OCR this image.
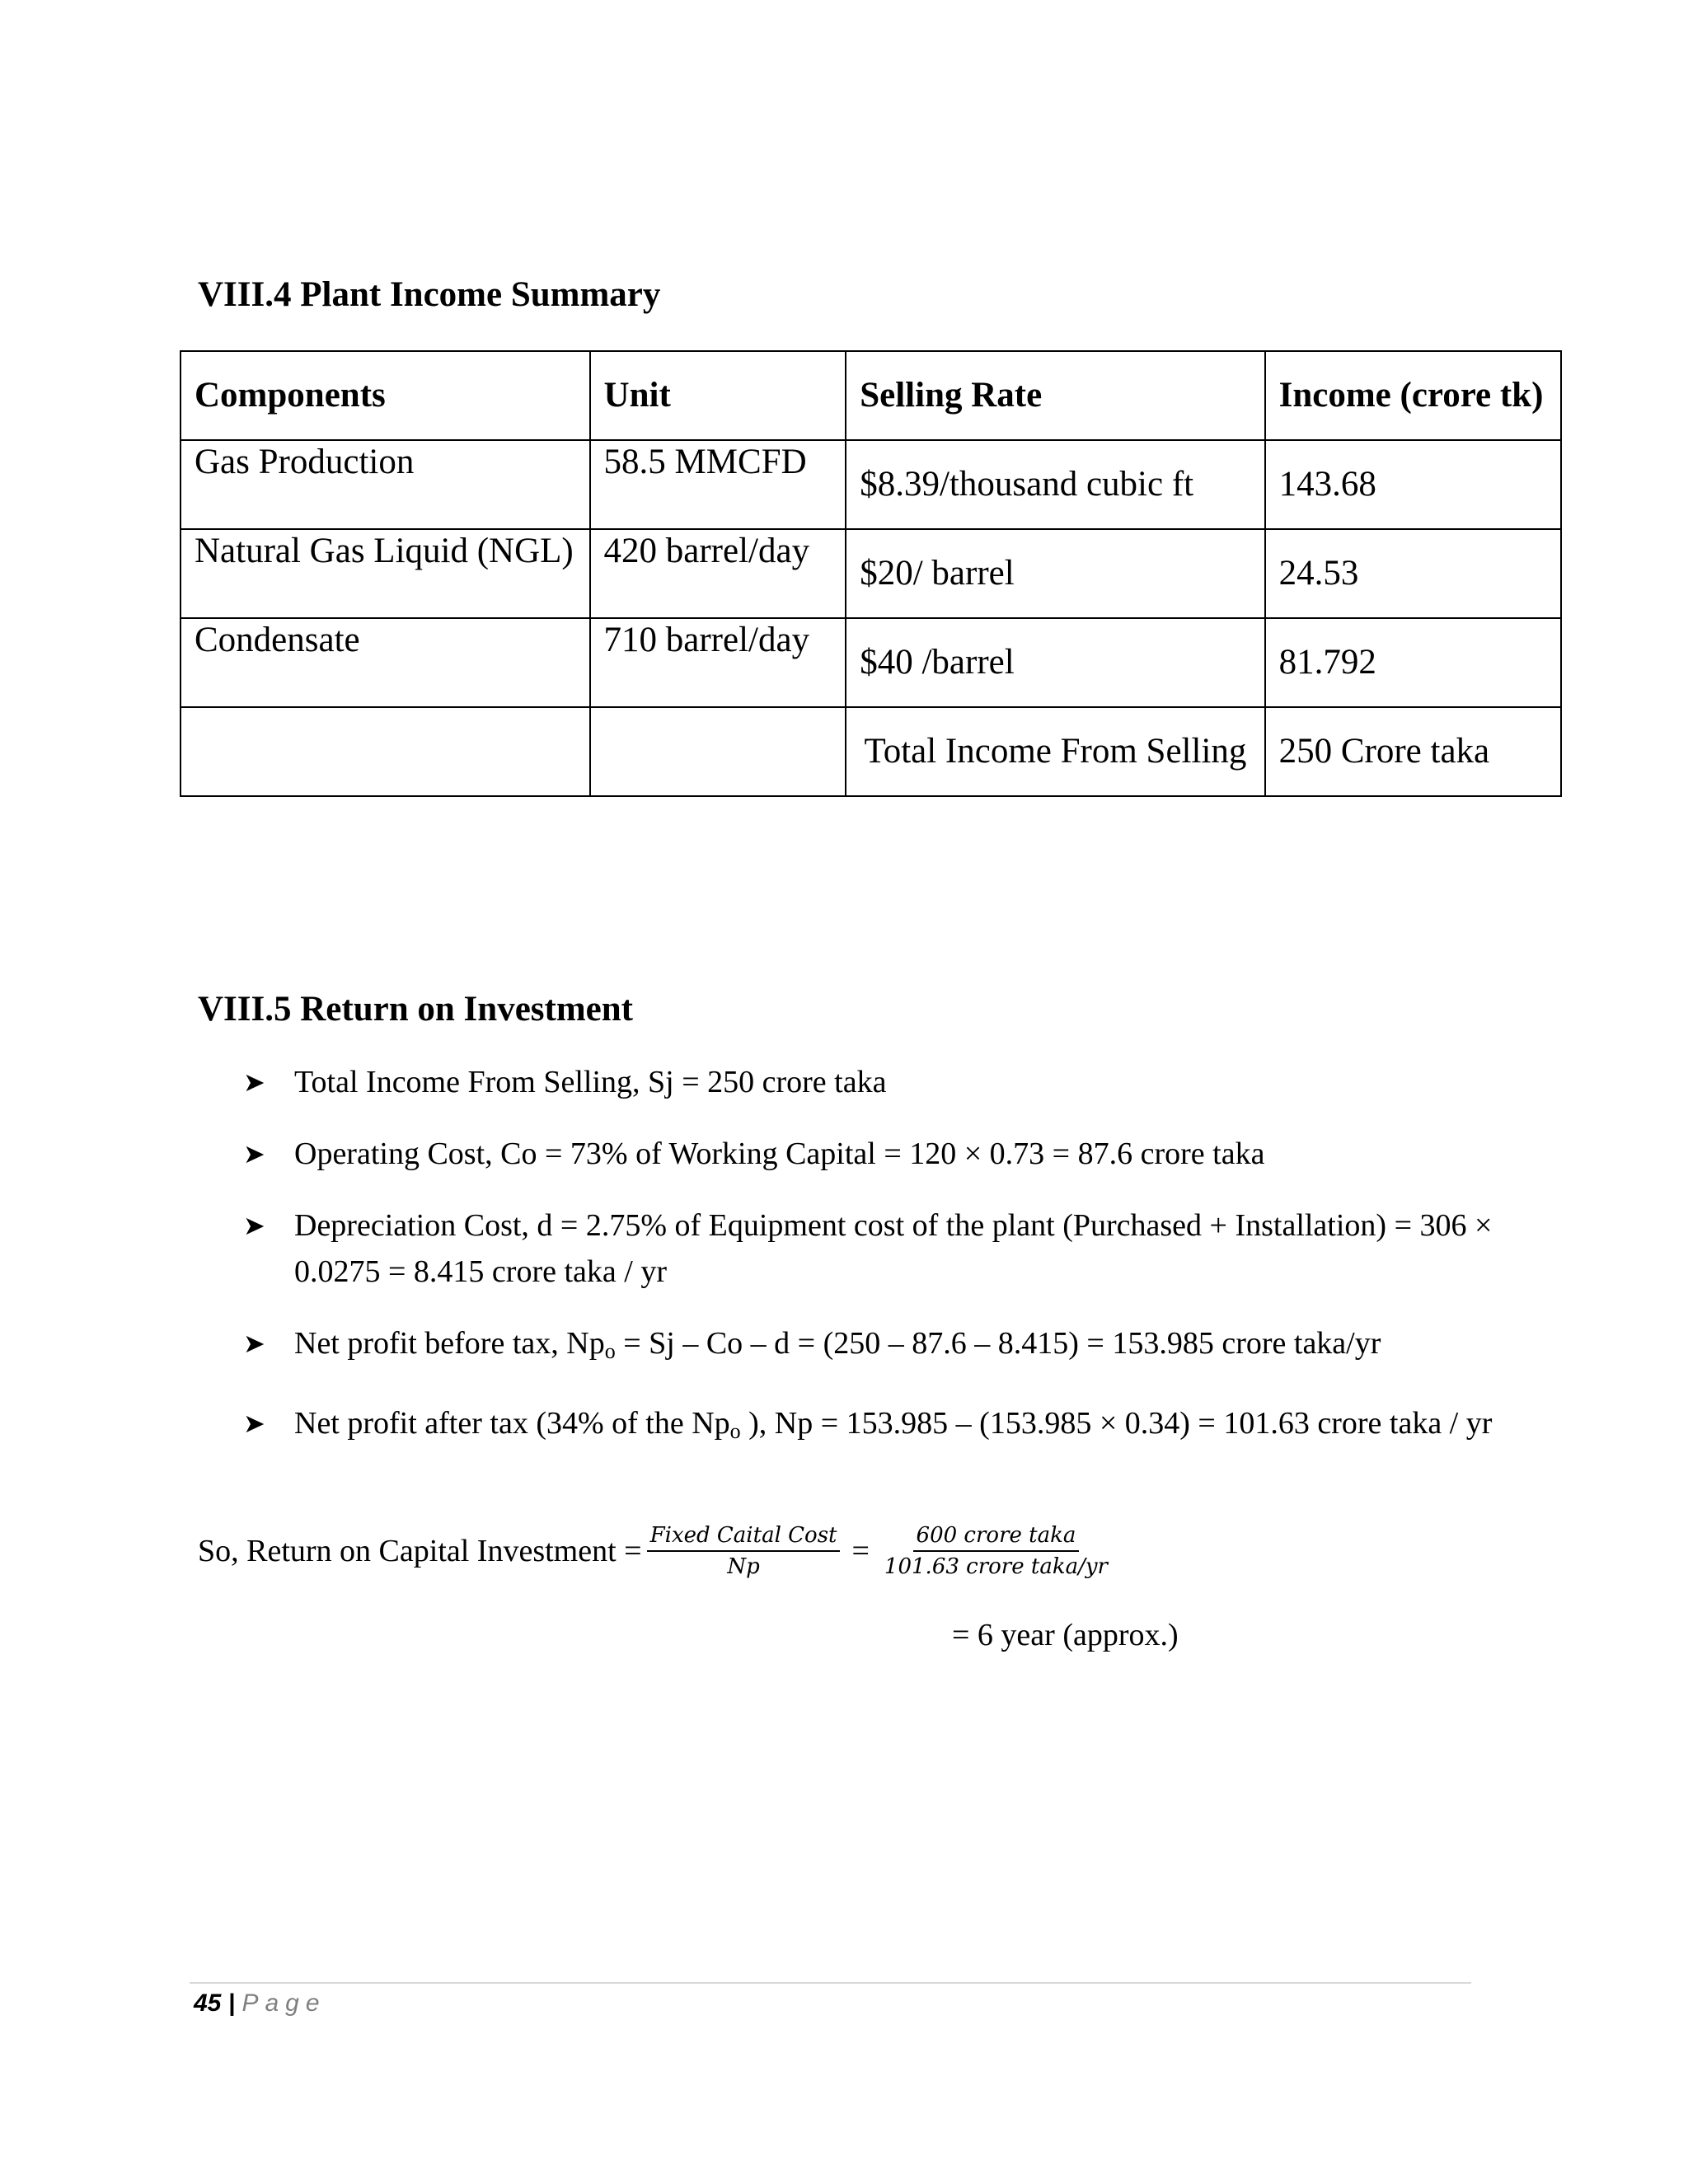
VIII.4 Plant Income Summary
Components	Unit	Selling Rate	Income (crore tk)
Gas Production	58.5 MMCFD	$8.39/thousand cubic ft	143.68
Natural Gas Liquid (NGL)	420 barrel/day	$20/ barrel	24.53
Condensate	710 barrel/day	$40 /barrel	81.792
		Total Income From Selling	250 Crore taka
VIII.5 Return on Investment
➤ Total Income From Selling, Sj = 250 crore taka
➤ Operating Cost, Co = 73% of Working Capital = 120 × 0.73 = 87.6 crore taka
➤ Depreciation Cost, d = 2.75% of Equipment cost of the plant (Purchased + Installation) = 306 × 0.0275 = 8.415 crore taka / yr
➤ Net profit before tax, $Np_o = Sj - Co - d = (250 - 87.6 - 8.415) = 153.985$ crore taka/yr
➤ Net profit after tax (34% of the $Np_o$ ), Np = 153.985 – (153.985 × 0.34) = 101.63 crore taka / yr
So, Return on Capital Investment = $\frac{\text{Fixed Caital Cost}}{Np} = \frac{\text{600 crore taka}}{\text{101.63 crore taka/yr}}$
= 6 year (approx.)
45 | Page
